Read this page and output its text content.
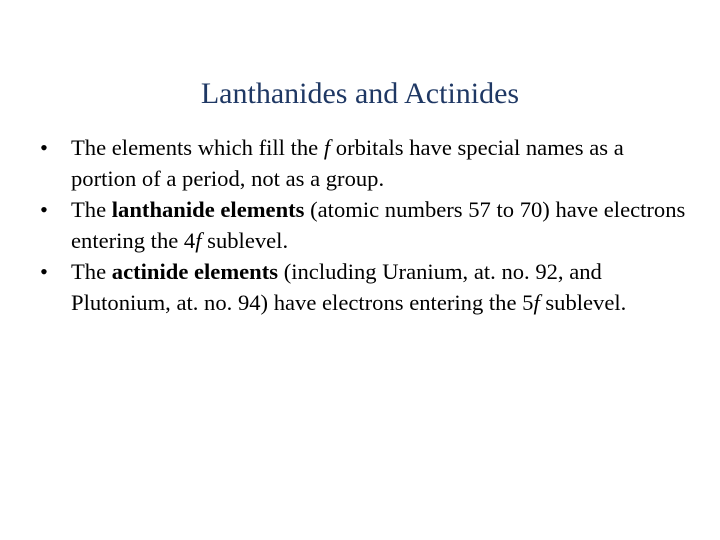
Lanthanides and Actinides
•	The elements which fill the f orbitals have special names as a portion of a period, not as a group.
•	The lanthanide elements (atomic numbers 57 to 70) have electrons entering the 4f sublevel.
•	The actinide elements (including Uranium, at. no. 92, and Plutonium, at. no. 94) have electrons entering the 5f sublevel.
